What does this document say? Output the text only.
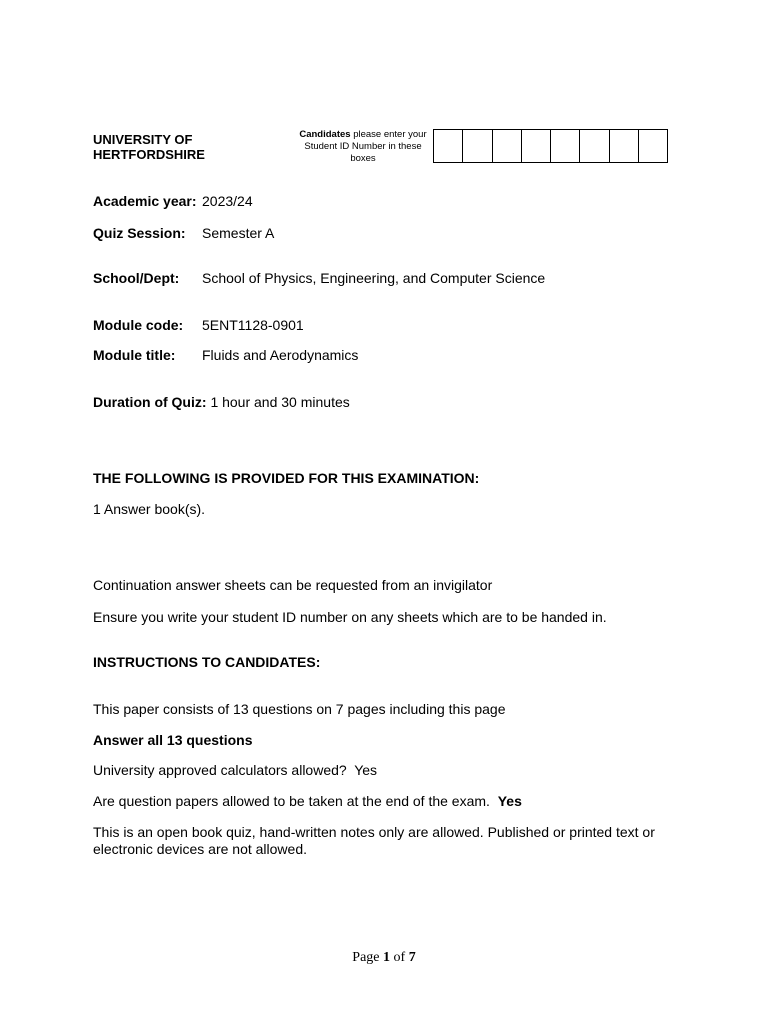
UNIVERSITY OF
HERTFORDSHIRE
Candidates please enter your Student ID Number in these boxes
Academic year: 2023/24
Quiz Session: Semester A
School/Dept: School of Physics, Engineering, and Computer Science
Module code: 5ENT1128-0901
Module title: Fluids and Aerodynamics
Duration of Quiz: 1 hour and 30 minutes
THE FOLLOWING IS PROVIDED FOR THIS EXAMINATION:
1 Answer book(s).
Continuation answer sheets can be requested from an invigilator
Ensure you write your student ID number on any sheets which are to be handed in.
INSTRUCTIONS TO CANDIDATES:
This paper consists of 13 questions on 7 pages including this page
Answer all 13 questions
University approved calculators allowed? Yes
Are question papers allowed to be taken at the end of the exam. Yes
This is an open book quiz, hand-written notes only are allowed. Published or printed text or
electronic devices are not allowed.
Page 1 of 7
